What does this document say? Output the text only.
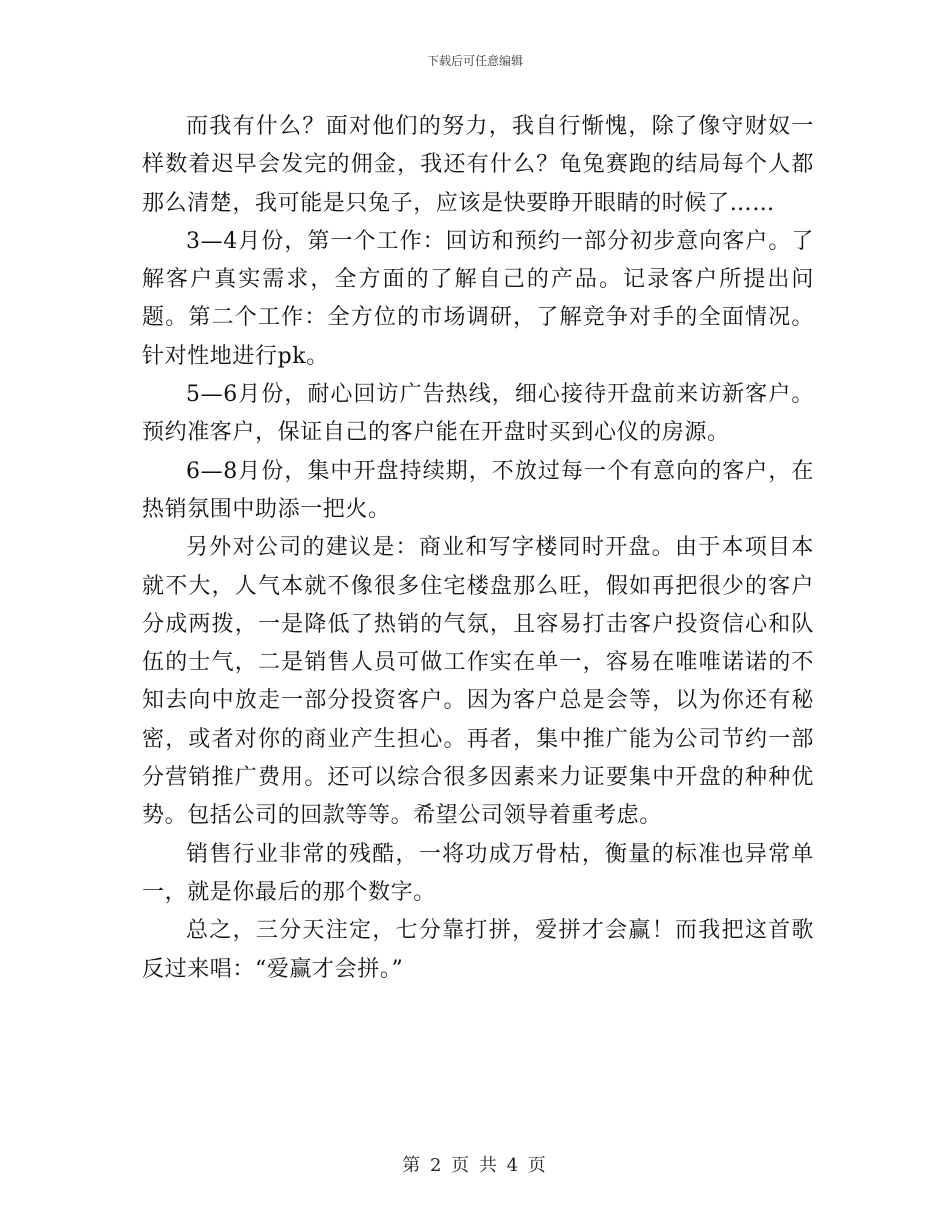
下载后可任意编辑

而我有什么？面对他们的努力，我自行惭愧，除了像守财奴一样数着迟早会发完的佣金，我还有什么？龟兔赛跑的结局每个人都那么清楚，我可能是只兔子，应该是快要睁开眼睛的时候了……

3—4月份，第一个工作：回访和预约一部分初步意向客户。了解客户真实需求，全方面的了解自己的产品。记录客户所提出问题。第二个工作：全方位的市场调研，了解竞争对手的全面情况。针对性地进行pk。

5—6月份，耐心回访广告热线，细心接待开盘前来访新客户。预约准客户，保证自己的客户能在开盘时买到心仪的房源。

6—8月份，集中开盘持续期，不放过每一个有意向的客户，在热销氛围中助添一把火。

另外对公司的建议是：商业和写字楼同时开盘。由于本项目本就不大，人气本就不像很多住宅楼盘那么旺，假如再把很少的客户分成两拨，一是降低了热销的气氛，且容易打击客户投资信心和队伍的士气，二是销售人员可做工作实在单一，容易在唯唯诺诺的不知去向中放走一部分投资客户。因为客户总是会等，以为你还有秘密，或者对你的商业产生担心。再者，集中推广能为公司节约一部分营销推广费用。还可以综合很多因素来力证要集中开盘的种种优势。包括公司的回款等等。希望公司领导着重考虑。

销售行业非常的残酷，一将功成万骨枯，衡量的标准也异常单一，就是你最后的那个数字。

总之，三分天注定，七分靠打拼，爱拼才会赢！而我把这首歌反过来唱：“爱赢才会拼。”

第 2 页 共 4 页
